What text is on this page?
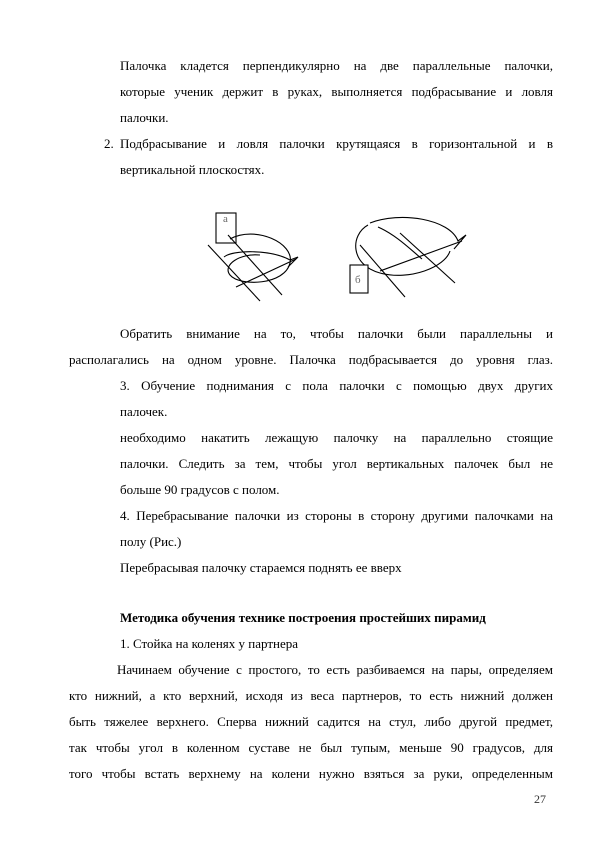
Палочка кладется перпендикулярно на две параллельные палочки,
которые ученик держит в руках, выполняется подбрасывание и ловля
палочки.
2. Подбрасывание и ловля палочки крутящаяся в горизонтальной и в
вертикальной плоскостях.
а
б
Обратить внимание на то, чтобы палочки были параллельны и
располагались на одном уровне. Палочка подбрасывается до уровня глаз.
3. Обучение поднимания с пола палочки с помощью двух других
палочек.
необходимо накатить лежащую палочку на параллельно стоящие
палочки. Следить за тем, чтобы угол вертикальных палочек был не
больше 90 градусов с полом.
4. Перебрасывание палочки из стороны в сторону другими палочками на
полу (Рис.)
Перебрасывая палочку стараемся поднять ее вверх
Методика обучения технике построения простейших пирамид
1. Стойка на коленях у партнера
Начинаем обучение с простого, то есть разбиваемся на пары, определяем
кто нижний, а кто верхний, исходя из веса партнеров, то есть нижний должен
быть тяжелее верхнего. Сперва нижний садится на стул, либо другой предмет,
так чтобы угол в коленном суставе не был тупым, меньше 90 градусов, для
того чтобы встать верхнему на колени нужно взяться за руки, определенным
27
